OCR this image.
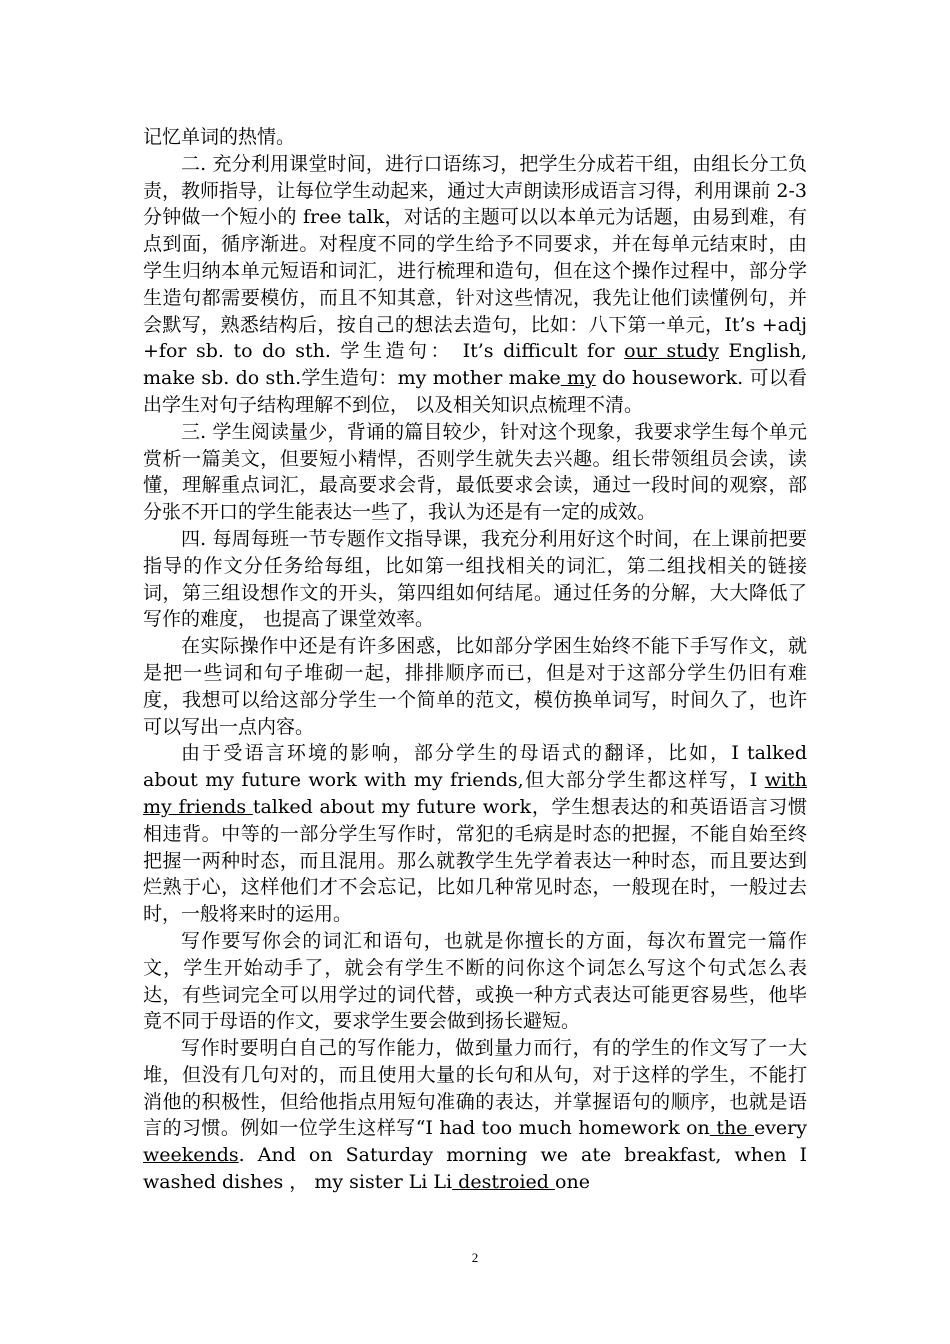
记忆单词的热情。

二. 充分利用课堂时间，进行口语练习，把学生分成若干组，由组长分工负责，教师指导，让每位学生动起来，通过大声朗读形成语言习得，利用课前 2-3 分钟做一个短小的 free talk，对话的主题可以以本单元为话题，由易到难，有点到面，循序渐进。对程度不同的学生给予不同要求，并在每单元结束时，由学生归纳本单元短语和词汇，进行梳理和造句，但在这个操作过程中，部分学生造句都需要模仿，而且不知其意，针对这些情况，我先让他们读懂例句，并会默写，熟悉结构后，按自己的想法去造句，比如：八下第一单元，It’s +adj +for sb. to do sth. 学生造句： It’s difficult for our study English, make sb. do sth.学生造句：my mother make my do housework. 可以看出学生对句子结构理解不到位， 以及相关知识点梳理不清。

三. 学生阅读量少，背诵的篇目较少，针对这个现象，我要求学生每个单元赏析一篇美文，但要短小精悍，否则学生就失去兴趣。组长带领组员会读，读懂，理解重点词汇，最高要求会背，最低要求会读，通过一段时间的观察，部分张不开口的学生能表达一些了，我认为还是有一定的成效。

四. 每周每班一节专题作文指导课，我充分利用好这个时间，在上课前把要指导的作文分任务给每组，比如第一组找相关的词汇，第二组找相关的链接词，第三组设想作文的开头，第四组如何结尾。通过任务的分解，大大降低了写作的难度， 也提高了课堂效率。

在实际操作中还是有许多困惑，比如部分学困生始终不能下手写作文，就是把一些词和句子堆砌一起，排排顺序而已，但是对于这部分学生仍旧有难度，我想可以给这部分学生一个简单的范文，模仿换单词写，时间久了，也许可以写出一点内容。

由于受语言环境的影响，部分学生的母语式的翻译，比如，I talked about my future work with my friends,但大部分学生都这样写，I with my friends talked about my future work，学生想表达的和英语语言习惯相违背。中等的一部分学生写作时，常犯的毛病是时态的把握，不能自始至终把握一两种时态，而且混用。那么就教学生先学着表达一种时态，而且要达到烂熟于心，这样他们才不会忘记，比如几种常见时态，一般现在时，一般过去时，一般将来时的运用。

写作要写你会的词汇和语句，也就是你擅长的方面，每次布置完一篇作文，学生开始动手了，就会有学生不断的问你这个词怎么写这个句式怎么表达，有些词完全可以用学过的词代替，或换一种方式表达可能更容易些，他毕竟不同于母语的作文，要求学生要会做到扬长避短。

写作时要明白自己的写作能力，做到量力而行，有的学生的作文写了一大堆，但没有几句对的，而且使用大量的长句和从句，对于这样的学生，不能打消他的积极性，但给他指点用短句准确的表达，并掌握语句的顺序，也就是语言的习惯。例如一位学生这样写“I had too much homework on the every weekends. And on Saturday morning we ate breakfast, when I washed dishes ， my sister Li Li destroied one

2
